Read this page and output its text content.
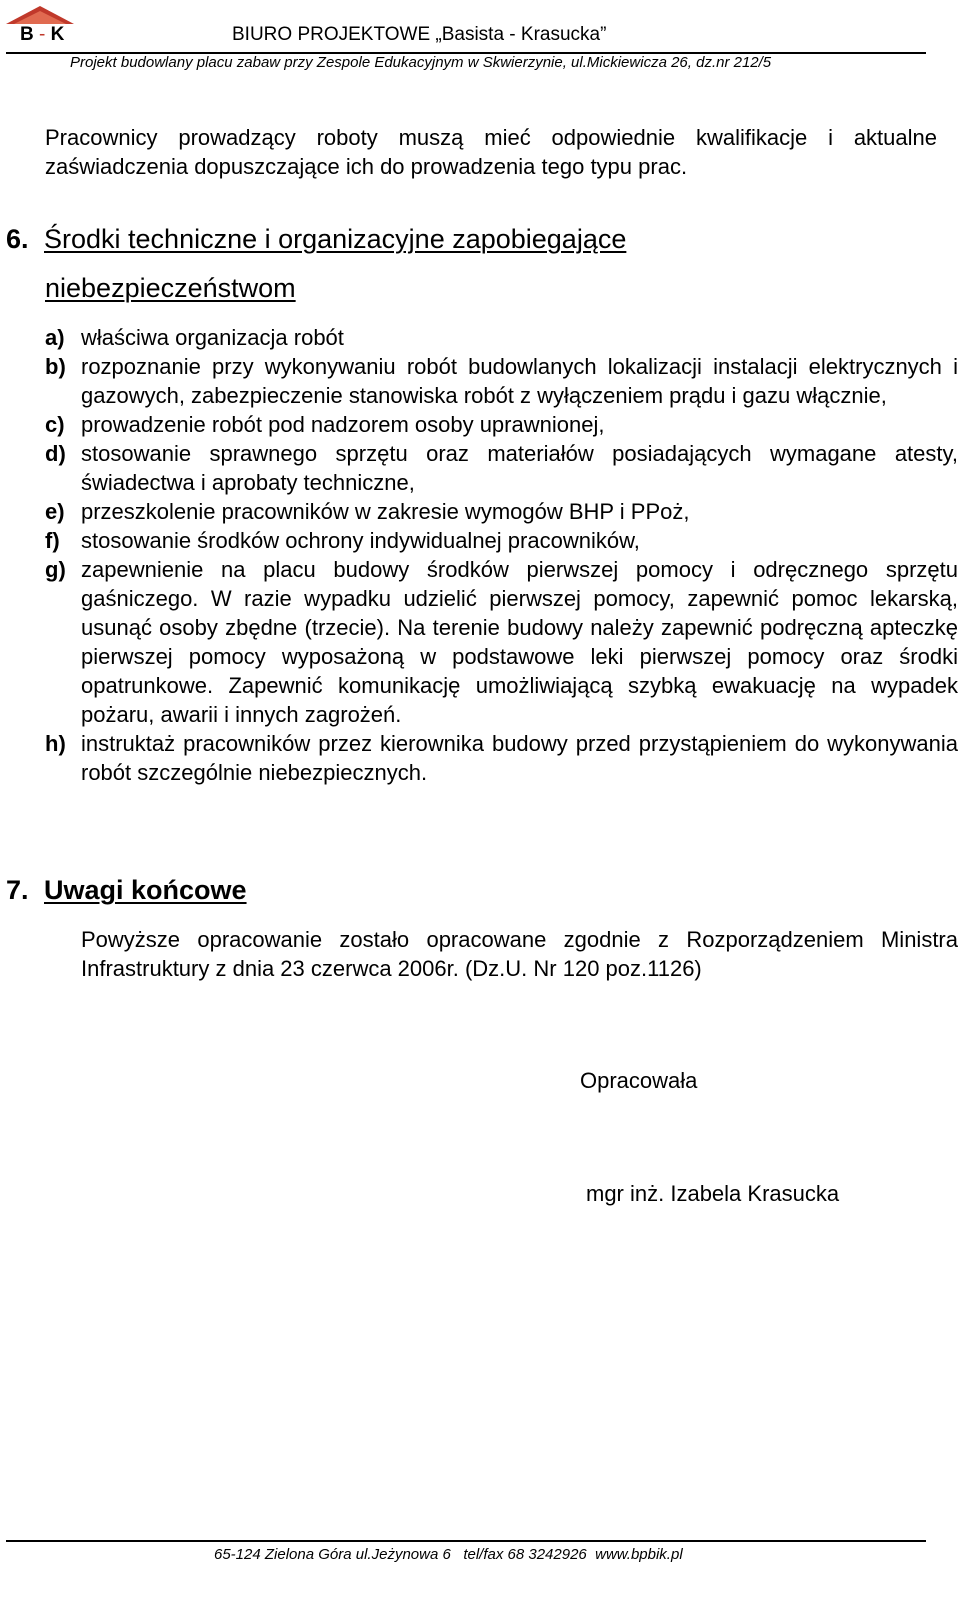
B - K	BIURO PROJEKTOWE „Basista - Krasucka”
Projekt budowlany placu zabaw przy Zespole Edukacyjnym w Skwierzynie, ul.Mickiewicza 26, dz.nr 212/5
Pracownicy prowadzący roboty muszą mieć odpowiednie kwalifikacje i aktualne zaświadczenia dopuszczające ich do prowadzenia tego typu prac.
6. Środki techniczne i organizacyjne zapobiegające
niebezpieczeństwom
a) właściwa organizacja robót
b) rozpoznanie przy wykonywaniu robót budowlanych lokalizacji instalacji elektrycznych i gazowych, zabezpieczenie stanowiska robót z wyłączeniem prądu i gazu włącznie,
c) prowadzenie robót pod nadzorem osoby uprawnionej,
d) stosowanie sprawnego sprzętu oraz materiałów posiadających wymagane atesty, świadectwa i aprobaty techniczne,
e) przeszkolenie pracowników w zakresie wymogów BHP i PPoż,
f) stosowanie środków ochrony indywidualnej pracowników,
g) zapewnienie na placu budowy środków pierwszej pomocy i odręcznego sprzętu gaśniczego. W razie wypadku udzielić pierwszej pomocy, zapewnić pomoc lekarską, usunąć osoby zbędne (trzecie). Na terenie budowy należy zapewnić podręczną apteczkę pierwszej pomocy wyposażoną w podstawowe leki pierwszej pomocy oraz środki opatrunkowe. Zapewnić komunikację umożliwiającą szybką ewakuację na wypadek pożaru, awarii i innych zagrożeń.
h) instruktaż pracowników przez kierownika budowy przed przystąpieniem do wykonywania robót szczególnie niebezpiecznych.
7. Uwagi końcowe
Powyższe opracowanie zostało opracowane zgodnie z Rozporządzeniem Ministra Infrastruktury z dnia 23 czerwca 2006r. (Dz.U. Nr 120 poz.1126)
Opracowała
mgr inż. Izabela Krasucka
65-124 Zielona Góra ul.Jeżynowa 6 tel/fax 68 3242926 www.bpbik.pl
